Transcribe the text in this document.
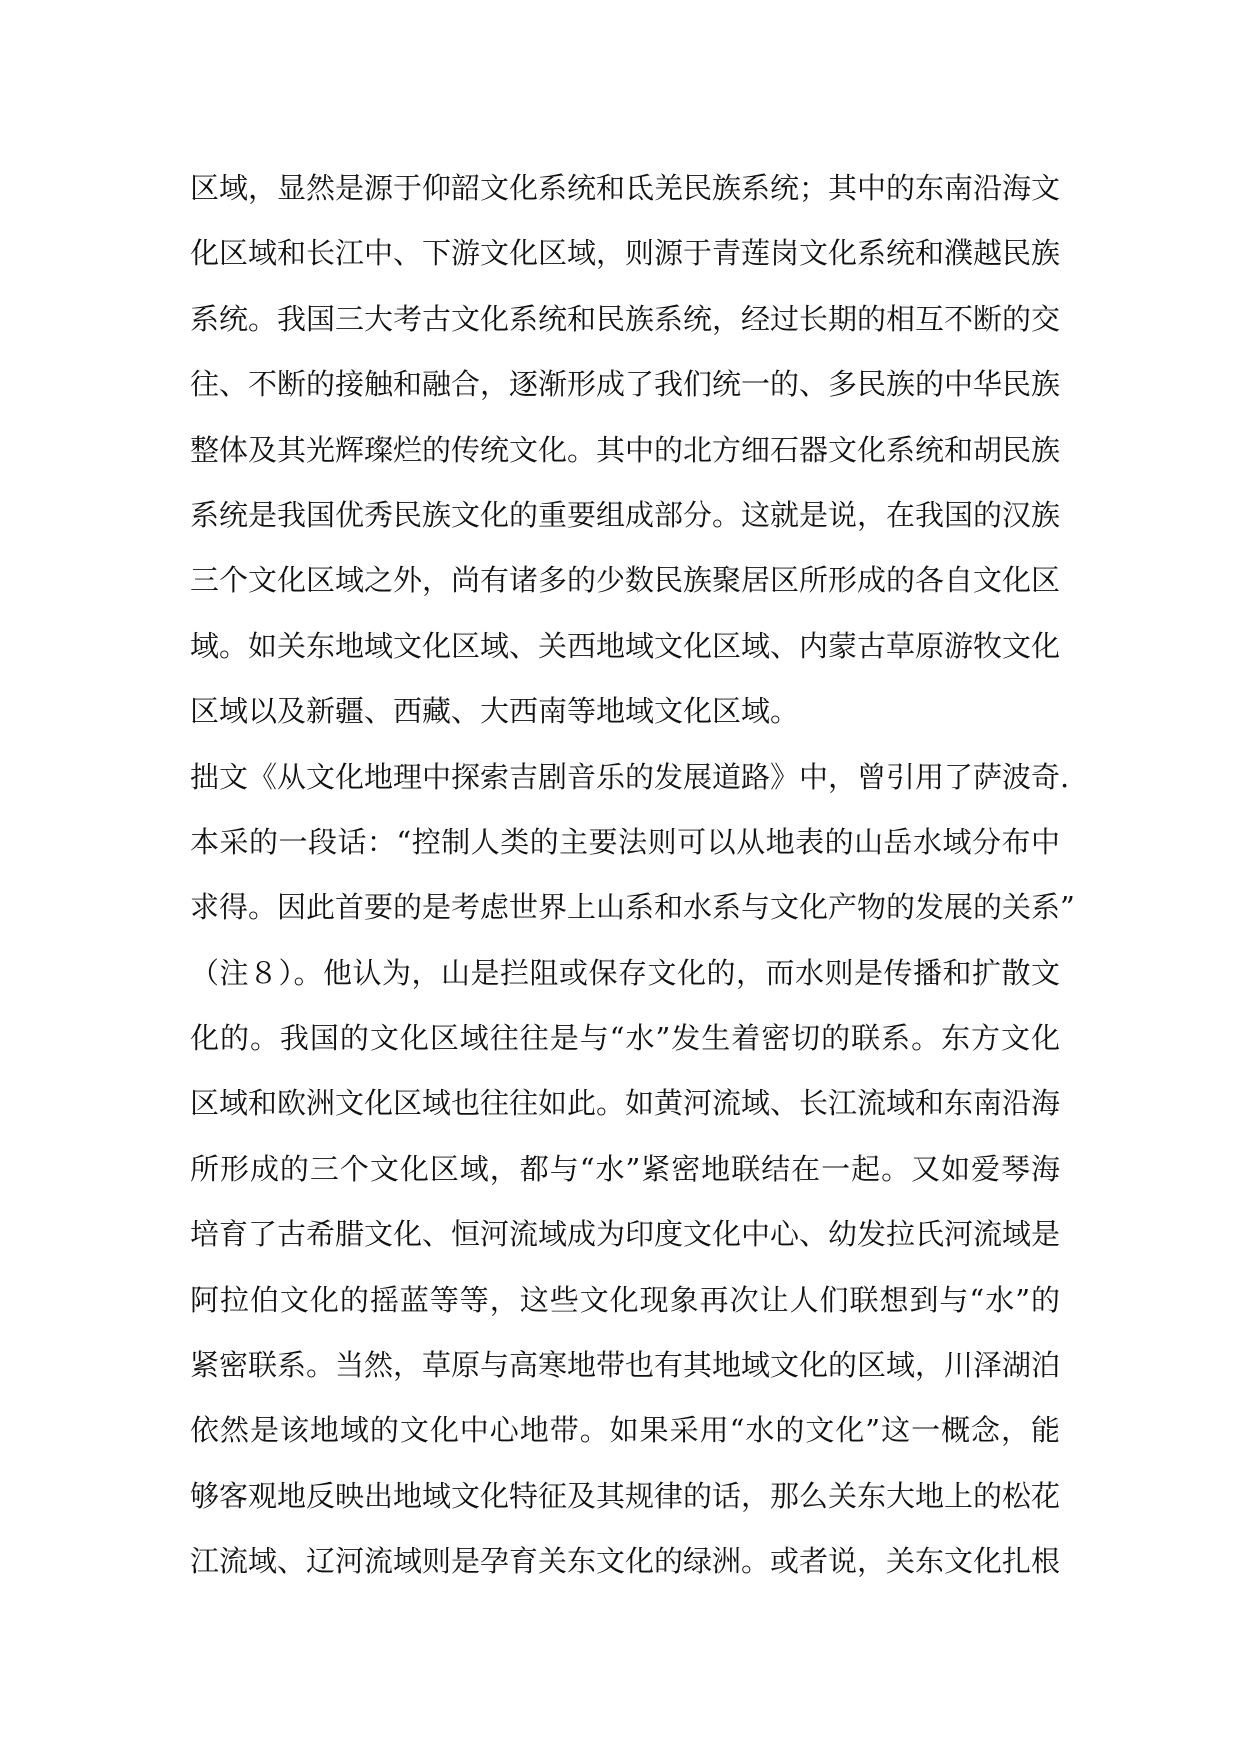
区域，显然是源于仰韶文化系统和氐羌民族系统；其中的东南沿海文
化区域和长江中、下游文化区域，则源于青莲岗文化系统和濮越民族
系统。我国三大考古文化系统和民族系统，经过长期的相互不断的交
往、不断的接触和融合，逐渐形成了我们统一的、多民族的中华民族
整体及其光辉璨烂的传统文化。其中的北方细石器文化系统和胡民族
系统是我国优秀民族文化的重要组成部分。这就是说，在我国的汉族
三个文化区域之外，尚有诸多的少数民族聚居区所形成的各自文化区
域。如关东地域文化区域、关西地域文化区域、内蒙古草原游牧文化
区域以及新疆、西藏、大西南等地域文化区域。
拙文《从文化地理中探索吉剧音乐的发展道路》中，曾引用了萨波奇.
本采的一段话：“控制人类的主要法则可以从地表的山岳水域分布中
求得。因此首要的是考虑世界上山系和水系与文化产物的发展的关系”
（注８）。他认为，山是拦阻或保存文化的，而水则是传播和扩散文
化的。我国的文化区域往往是与“水”发生着密切的联系。东方文化
区域和欧洲文化区域也往往如此。如黄河流域、长江流域和东南沿海
所形成的三个文化区域，都与“水”紧密地联结在一起。又如爱琴海
培育了古希腊文化、恒河流域成为印度文化中心、幼发拉氏河流域是
阿拉伯文化的摇蓝等等，这些文化现象再次让人们联想到与“水”的
紧密联系。当然，草原与高寒地带也有其地域文化的区域，川泽湖泊
依然是该地域的文化中心地带。如果采用“水的文化”这一概念，能
够客观地反映出地域文化特征及其规律的话，那么关东大地上的松花
江流域、辽河流域则是孕育关东文化的绿洲。或者说，关东文化扎根
